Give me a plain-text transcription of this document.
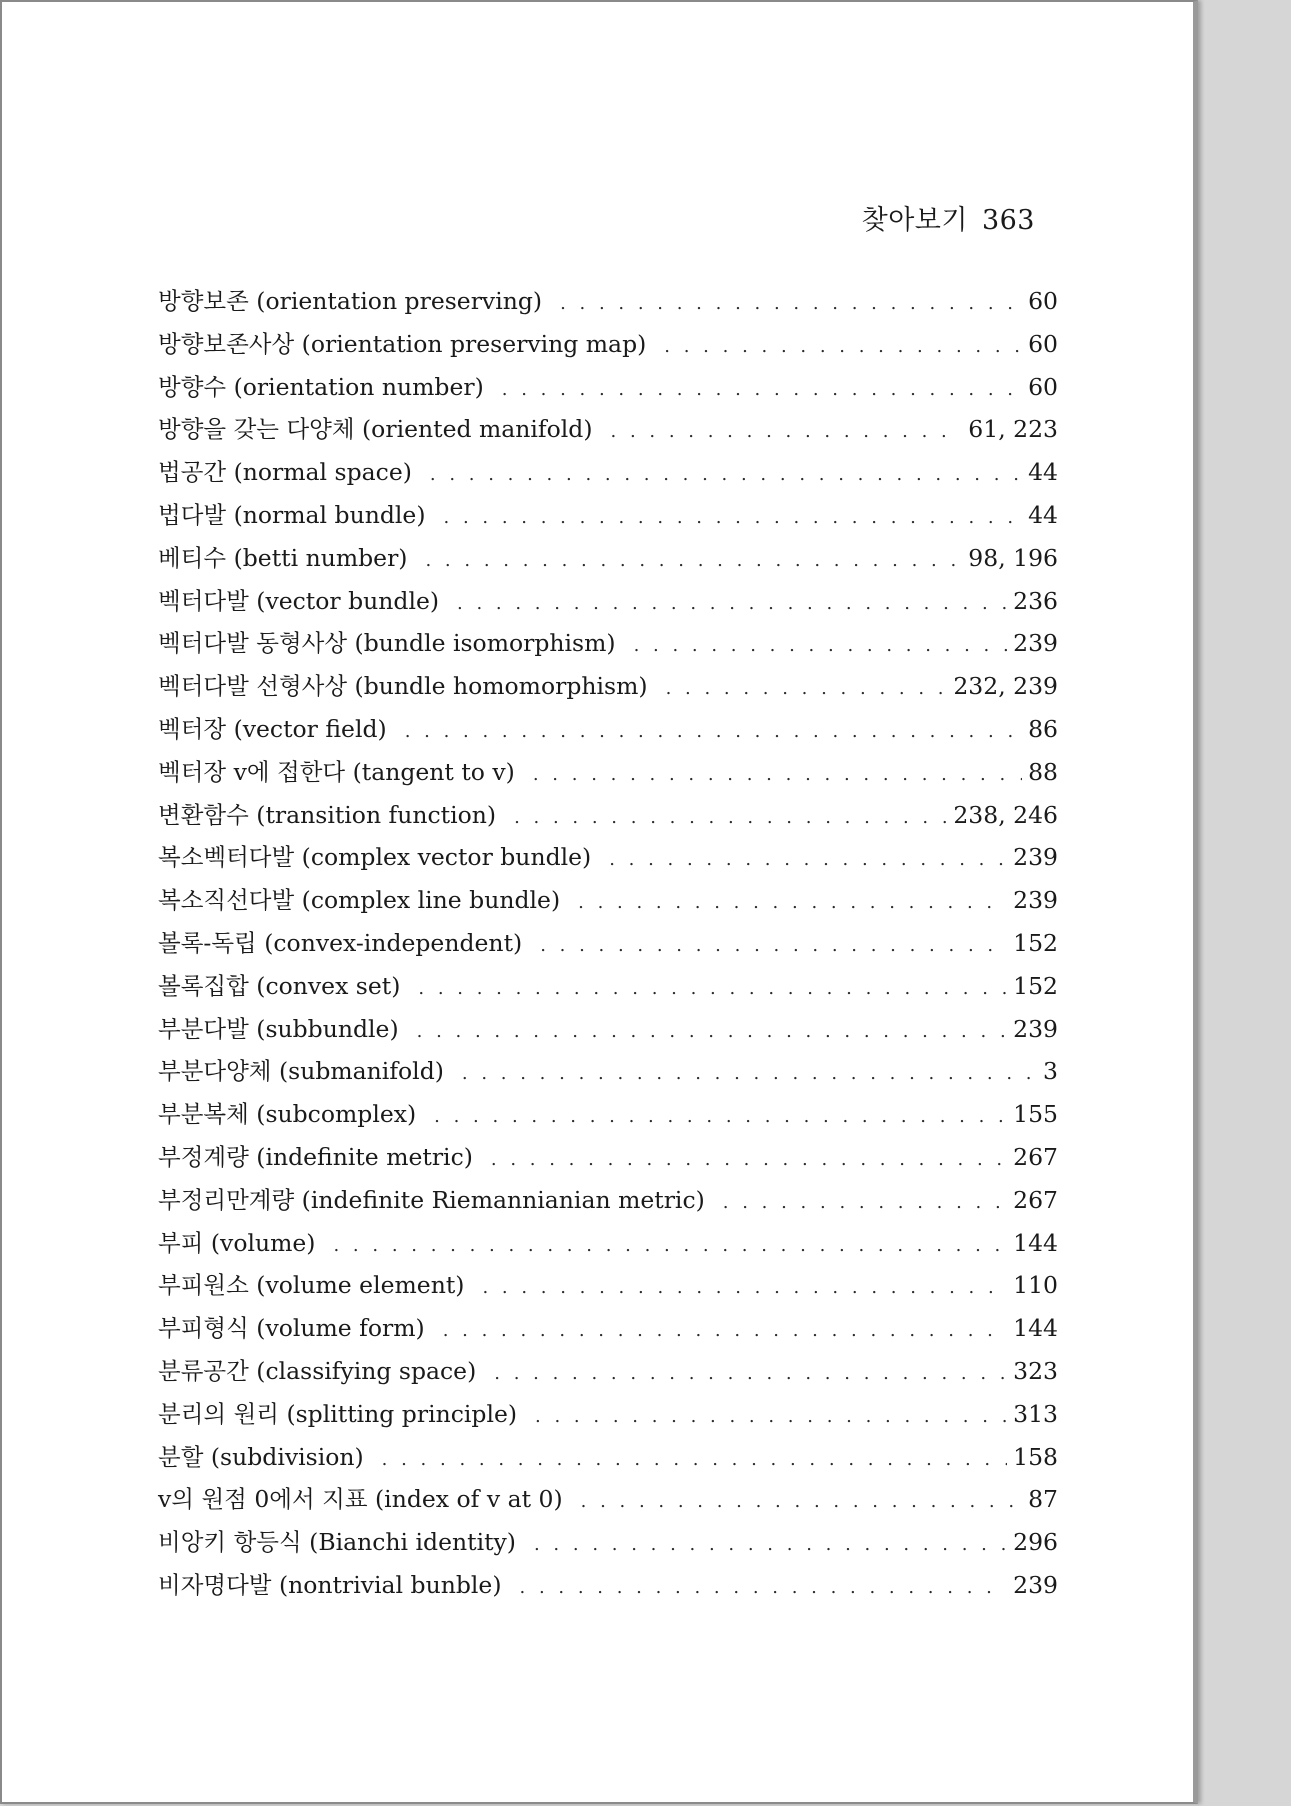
찾아보기 363
방향보존 (orientation preserving) . . .	60
방향보존사상 (orientation preserving map) . . .	60
방향수 (orientation number) . . .	60
방향을 갖는 다양체 (oriented manifold) . . .	61, 223
법공간 (normal space) . . .	44
법다발 (normal bundle) . . .	44
베티수 (betti number) . . .	98, 196
벡터다발 (vector bundle) . . .	236
벡터다발 동형사상 (bundle isomorphism) . . .	239
벡터다발 선형사상 (bundle homomorphism) . . .	232, 239
벡터장 (vector field) . . .	86
벡터장 v에 접한다 (tangent to v) . . .	88
변환함수 (transition function) . . .	238, 246
복소벡터다발 (complex vector bundle) . . .	239
복소직선다발 (complex line bundle) . . .	239
볼록-독립 (convex-independent) . . .	152
볼록집합 (convex set) . . .	152
부분다발 (subbundle) . . .	239
부분다양체 (submanifold) . . .	3
부분복체 (subcomplex) . . .	155
부정계량 (indefinite metric) . . .	267
부정리만계량 (indefinite Riemannianian metric) . . .	267
부피 (volume) . . .	144
부피원소 (volume element) . . .	110
부피형식 (volume form) . . .	144
분류공간 (classifying space) . . .	323
분리의 원리 (splitting principle) . . .	313
분할 (subdivision) . . .	158
v의 원점 0에서 지표 (index of v at 0) . . .	87
비앙키 항등식 (Bianchi identity) . . .	296
비자명다발 (nontrivial bunble) . . .	239
